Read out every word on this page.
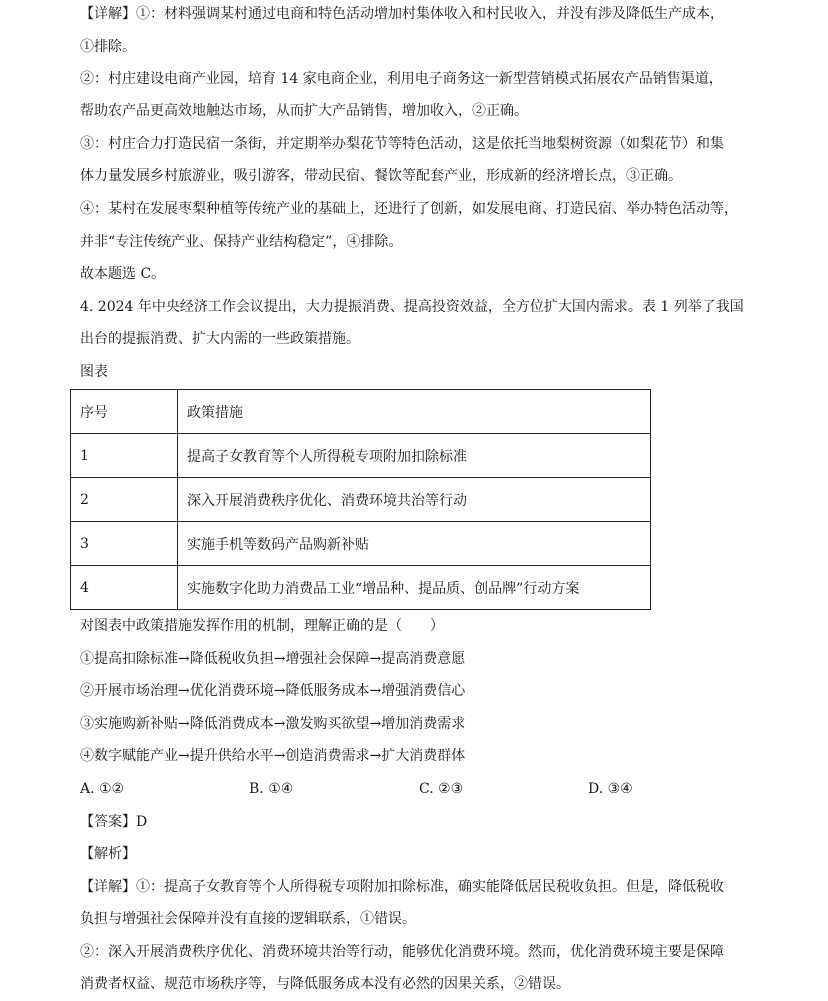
【详解】①：材料强调某村通过电商和特色活动增加村集体收入和村民收入，并没有涉及降低生产成本，
①排除。
②：村庄建设电商产业园，培育 14 家电商企业，利用电子商务这一新型营销模式拓展农产品销售渠道，
帮助农产品更高效地触达市场，从而扩大产品销售，增加收入，②正确。
③：村庄合力打造民宿一条街，并定期举办梨花节等特色活动，这是依托当地梨树资源（如梨花节）和集
体力量发展乡村旅游业，吸引游客，带动民宿、餐饮等配套产业，形成新的经济增长点，③正确。
④：某村在发展枣梨种植等传统产业的基础上，还进行了创新，如发展电商、打造民宿、举办特色活动等，
并非“专注传统产业、保持产业结构稳定”，④排除。
故本题选 C。
4. 2024 年中央经济工作会议提出，大力提振消费、提高投资效益，全方位扩大国内需求。表 1 列举了我国
出台的提振消费、扩大内需的一些政策措施。
图表
序号	政策措施
1	提高子女教育等个人所得税专项附加扣除标准
2	深入开展消费秩序优化、消费环境共治等行动
3	实施手机等数码产品购新补贴
4	实施数字化助力消费品工业“增品种、提品质、创品牌”行动方案
对图表中政策措施发挥作用的机制，理解正确的是（　　）
①提高扣除标准→降低税收负担→增强社会保障→提高消费意愿
②开展市场治理→优化消费环境→降低服务成本→增强消费信心
③实施购新补贴→降低消费成本→激发购买欲望→增加消费需求
④数字赋能产业→提升供给水平→创造消费需求→扩大消费群体
A. ①②	B. ①④	C. ②③	D. ③④
【答案】D
【解析】
【详解】①：提高子女教育等个人所得税专项附加扣除标准，确实能降低居民税收负担。但是，降低税收
负担与增强社会保障并没有直接的逻辑联系，①错误。
②：深入开展消费秩序优化、消费环境共治等行动，能够优化消费环境。然而，优化消费环境主要是保障
消费者权益、规范市场秩序等，与降低服务成本没有必然的因果关系，②错误。
